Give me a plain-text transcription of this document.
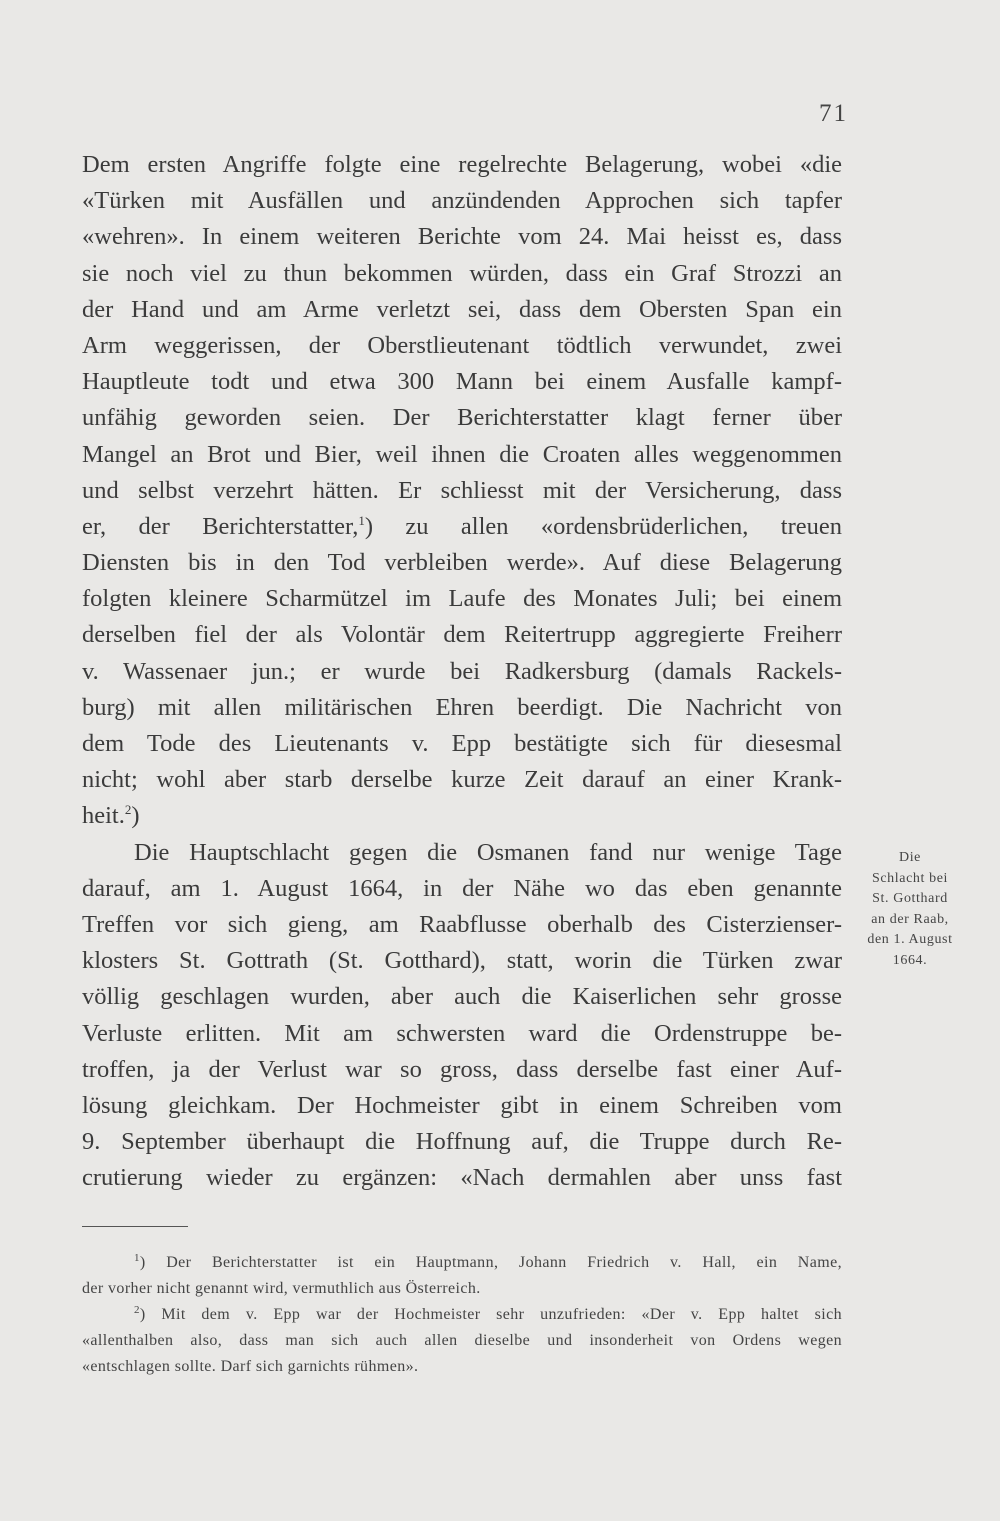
71
Dem ersten Angriffe folgte eine regelrechte Belagerung, wobei «die
«Türken mit Ausfällen und anzündenden Approchen sich tapfer
«wehren». In einem weiteren Berichte vom 24. Mai heisst es, dass
sie noch viel zu thun bekommen würden, dass ein Graf Strozzi an
der Hand und am Arme verletzt sei, dass dem Obersten Span ein
Arm weggerissen, der Oberstlieutenant tödtlich verwundet, zwei
Hauptleute todt und etwa 300 Mann bei einem Ausfalle kampf-
unfähig geworden seien. Der Berichterstatter klagt ferner über
Mangel an Brot und Bier, weil ihnen die Croaten alles weggenommen
und selbst verzehrt hätten. Er schliesst mit der Versicherung, dass
er, der Berichterstatter,$^1$) zu allen «ordensbrüderlichen, treuen
Diensten bis in den Tod verbleiben werde». Auf diese Belagerung
folgten kleinere Scharmützel im Laufe des Monates Juli; bei einem
derselben fiel der als Volontär dem Reitertrupp aggregierte Freiherr
v. Wassenaer jun.; er wurde bei Radkersburg (damals Rackels-
burg) mit allen militärischen Ehren beerdigt. Die Nachricht von
dem Tode des Lieutenants v. Epp bestätigte sich für diesesmal
nicht; wohl aber starb derselbe kurze Zeit darauf an einer Krank-
heit.$^2$)
Die Hauptschlacht gegen die Osmanen fand nur wenige Tage
darauf, am 1. August 1664, in der Nähe wo das eben genannte
Treffen vor sich gieng, am Raabflusse oberhalb des Cisterzienser-
klosters St. Gottrath (St. Gotthard), statt, worin die Türken zwar
völlig geschlagen wurden, aber auch die Kaiserlichen sehr grosse
Verluste erlitten. Mit am schwersten ward die Ordenstruppe be-
troffen, ja der Verlust war so gross, dass derselbe fast einer Auf-
lösung gleichkam. Der Hochmeister gibt in einem Schreiben vom
9. September überhaupt die Hoffnung auf, die Truppe durch Re-
crutierung wieder zu ergänzen: «Nach dermahlen aber unss fast
Die
Schlacht bei
St. Gotthard
an der Raab,
den 1. August
1664.
$^1$) Der Berichterstatter ist ein Hauptmann, Johann Friedrich v. Hall, ein Name,
der vorher nicht genannt wird, vermuthlich aus Österreich.
$^2$) Mit dem v. Epp war der Hochmeister sehr unzufrieden: «Der v. Epp haltet sich
«allenthalben also, dass man sich auch allen dieselbe und insonderheit von Ordens wegen
«entschlagen sollte. Darf sich garnichts rühmen».
